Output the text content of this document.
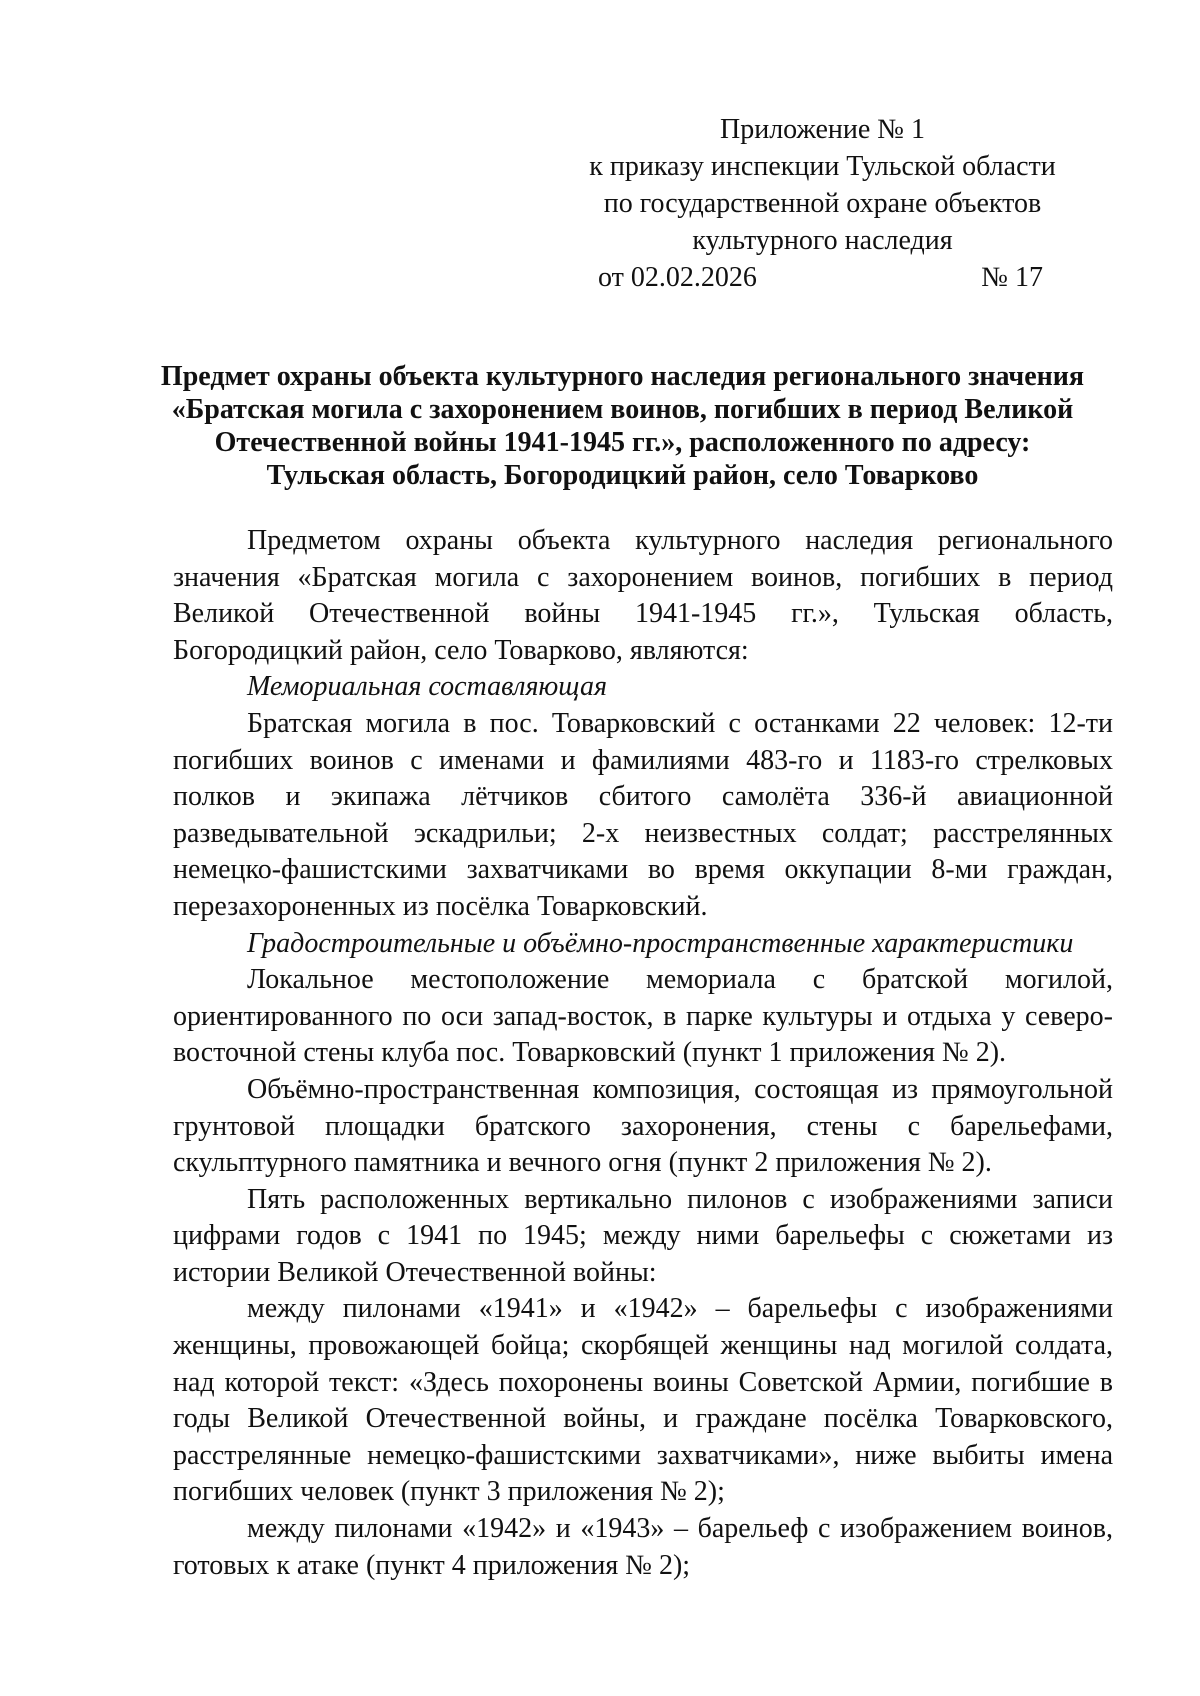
Приложение № 1
к приказу инспекции Тульской области
по государственной охране объектов
культурного наследия
от 02.02.2026	№ 17
Предмет охраны объекта культурного наследия регионального значения
«Братская могила с захоронением воинов, погибших в период Великой
Отечественной войны 1941-1945 гг.», расположенного по адресу:
Тульская область, Богородицкий район, село Товарково

Предметом охраны объекта культурного наследия регионального значения «Братская могила с захоронением воинов, погибших в период Великой Отечественной войны 1941-1945 гг.», Тульская область, Богородицкий район, село Товарково, являются:

Мемориальная составляющая

Братская могила в пос. Товарковский с останками 22 человек: 12-ти погибших воинов с именами и фамилиями 483-го и 1183-го стрелковых полков и экипажа лётчиков сбитого самолёта 336-й авиационной разведывательной эскадрильи; 2-х неизвестных солдат; расстрелянных немецко-фашистскими захватчиками во время оккупации 8-ми граждан, перезахороненных из посёлка Товарковский.

Градостроительные и объёмно-пространственные характеристики

Локальное местоположение мемориала с братской могилой, ориентированного по оси запад-восток, в парке культуры и отдыха у северо-восточной стены клуба пос. Товарковский (пункт 1 приложения № 2).

Объёмно-пространственная композиция, состоящая из прямоугольной грунтовой площадки братского захоронения, стены с барельефами, скульптурного памятника и вечного огня (пункт 2 приложения № 2).

Пять расположенных вертикально пилонов с изображениями записи цифрами годов с 1941 по 1945; между ними барельефы с сюжетами из истории Великой Отечественной войны:

между пилонами «1941» и «1942» – барельефы с изображениями женщины, провожающей бойца; скорбящей женщины над могилой солдата, над которой текст: «Здесь похоронены воины Советской Армии, погибшие в годы Великой Отечественной войны, и граждане посёлка Товарковского, расстрелянные немецко-фашистскими захватчиками», ниже выбиты имена погибших человек (пункт 3 приложения № 2);

между пилонами «1942» и «1943» – барельеф с изображением воинов, готовых к атаке (пункт 4 приложения № 2);
